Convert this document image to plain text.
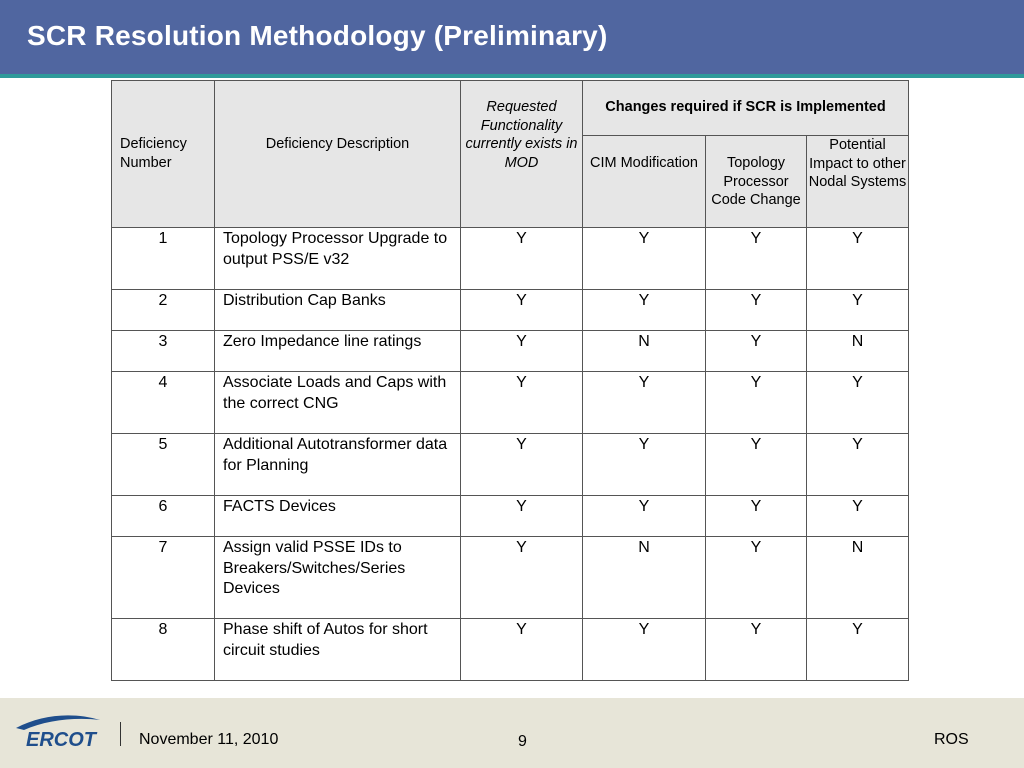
SCR Resolution Methodology (Preliminary)
Deficiency Number	Deficiency Description	Requested Functionality currently exists in MOD	Changes required if SCR is Implemented		
			CIM Modification	Topology Processor Code Change	Potential Impact to other Nodal Systems
1	Topology Processor Upgrade to output PSS/E v32	Y	Y	Y	Y
2	Distribution Cap Banks	Y	Y	Y	Y
3	Zero Impedance line ratings	Y	N	Y	N
4	Associate Loads and Caps with the correct CNG	Y	Y	Y	Y
5	Additional Autotransformer data for Planning	Y	Y	Y	Y
6	FACTS Devices	Y	Y	Y	Y
7	Assign valid PSSE IDs to Breakers/Switches/Series Devices	Y	N	Y	N
8	Phase shift of Autos for short circuit studies	Y	Y	Y	Y
ERCOT	November 11, 2010	9	ROS
